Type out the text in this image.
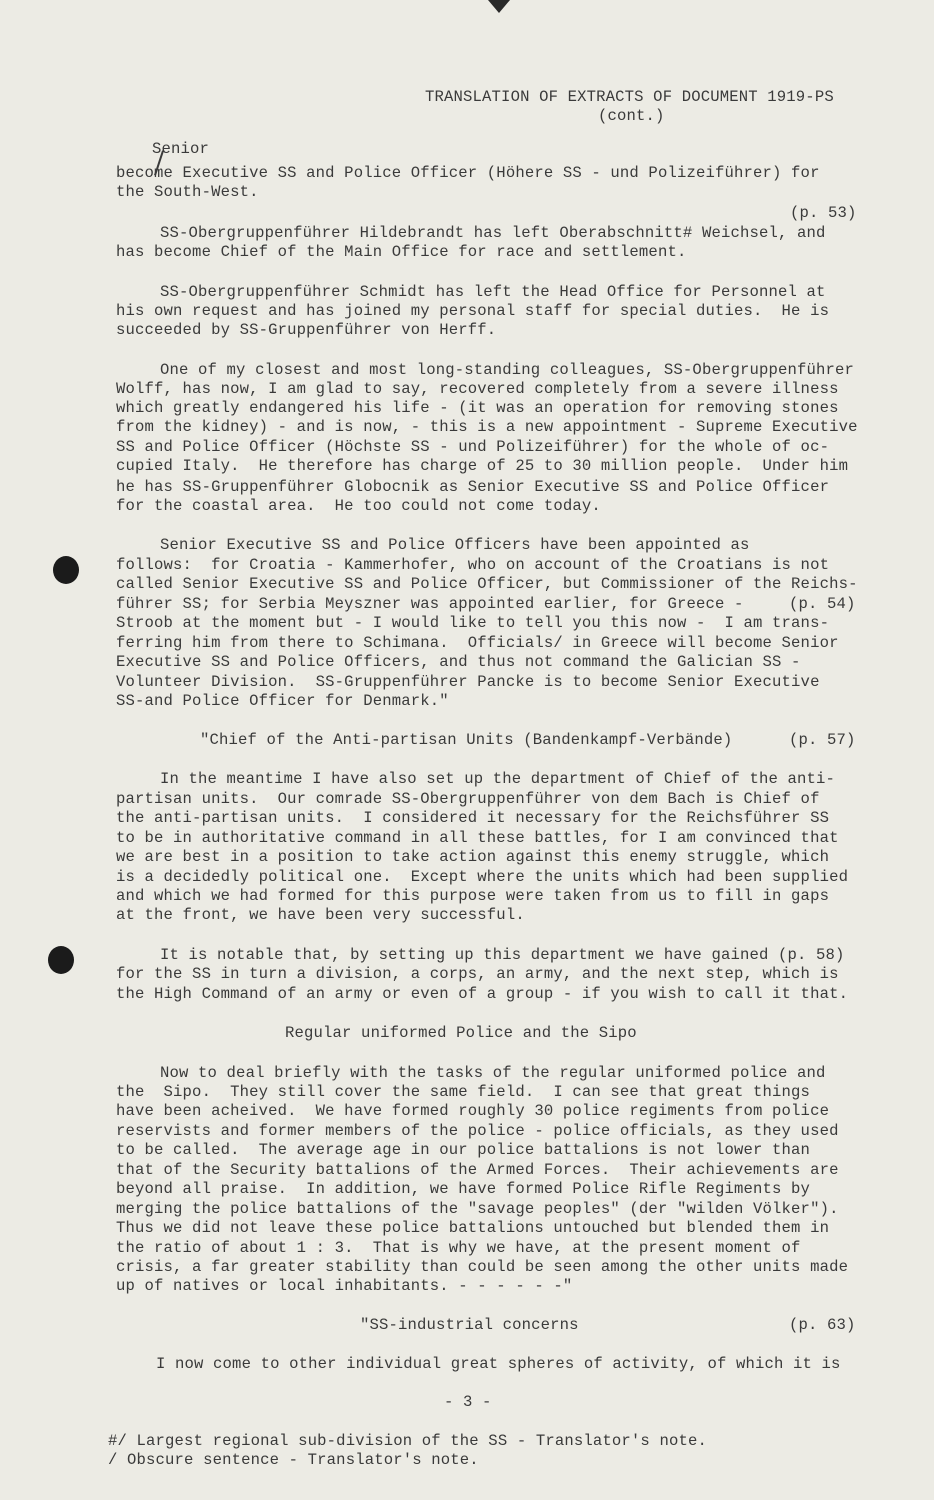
TRANSLATION OF EXTRACTS OF DOCUMENT 1919-PS
(cont.)
Senior
become Executive SS and Police Officer (Höhere SS - und Polizeiführer) for
the South-West.
(p. 53)
SS-Obergruppenführer Hildebrandt has left Oberabschnitt# Weichsel, and
has become Chief of the Main Office for race and settlement.
SS-Obergruppenführer Schmidt has left the Head Office for Personnel at
his own request and has joined my personal staff for special duties.  He is
succeeded by SS-Gruppenführer von Herff.
One of my closest and most long-standing colleagues, SS-Obergruppenführer
Wolff, has now, I am glad to say, recovered completely from a severe illness
which greatly endangered his life - (it was an operation for removing stones
from the kidney) - and is now, - this is a new appointment - Supreme Executive
SS and Police Officer (Höchste SS - und Polizeiführer) for the whole of oc-
cupied Italy.  He therefore has charge of 25 to 30 million people.  Under him
he has SS-Gruppenführer Globocnik as Senior Executive SS and Police Officer
for the coastal area.  He too could not come today.
Senior Executive SS and Police Officers have been appointed as
follows:  for Croatia - Kammerhofer, who on account of the Croatians is not
called Senior Executive SS and Police Officer, but Commissioner of the Reichs-
führer SS; for Serbia Meyszner was appointed earlier, for Greece -	(p. 54)
Stroob at the moment but - I would like to tell you this now -  I am trans-
ferring him from there to Schimana.  Officials/ in Greece will become Senior
Executive SS and Police Officers, and thus not command the Galician SS -
Volunteer Division.  SS-Gruppenführer Pancke is to become Senior Executive
SS-and Police Officer for Denmark."
"Chief of the Anti-partisan Units (Bandenkampf-Verbände)	(p. 57)
In the meantime I have also set up the department of Chief of the anti-
partisan units.  Our comrade SS-Obergruppenführer von dem Bach is Chief of
the anti-partisan units.  I considered it necessary for the Reichsführer SS
to be in authoritative command in all these battles, for I am convinced that
we are best in a position to take action against this enemy struggle, which
is a decidedly political one.  Except where the units which had been supplied
and which we had formed for this purpose were taken from us to fill in gaps
at the front, we have been very successful.
It is notable that, by setting up this department we have gained (p. 58)
for the SS in turn a division, a corps, an army, and the next step, which is
the High Command of an army or even of a group - if you wish to call it that.
Regular uniformed Police and the Sipo
Now to deal briefly with the tasks of the regular uniformed police and
the  Sipo.  They still cover the same field.  I can see that great things
have been acheived.  We have formed roughly 30 police regiments from police
reservists and former members of the police - police officials, as they used
to be called.  The average age in our police battalions is not lower than
that of the Security battalions of the Armed Forces.  Their achievements are
beyond all praise.  In addition, we have formed Police Rifle Regiments by
merging the police battalions of the "savage peoples" (der "wilden Völker").
Thus we did not leave these police battalions untouched but blended them in
the ratio of about 1 : 3.  That is why we have, at the present moment of
crisis, a far greater stability than could be seen among the other units made
up of natives or local inhabitants. - - - - - -"
"SS-industrial concerns	(p. 63)
I now come to other individual great spheres of activity, of which it is
- 3 -
#/ Largest regional sub-division of the SS - Translator's note.
/ Obscure sentence - Translator's note.
